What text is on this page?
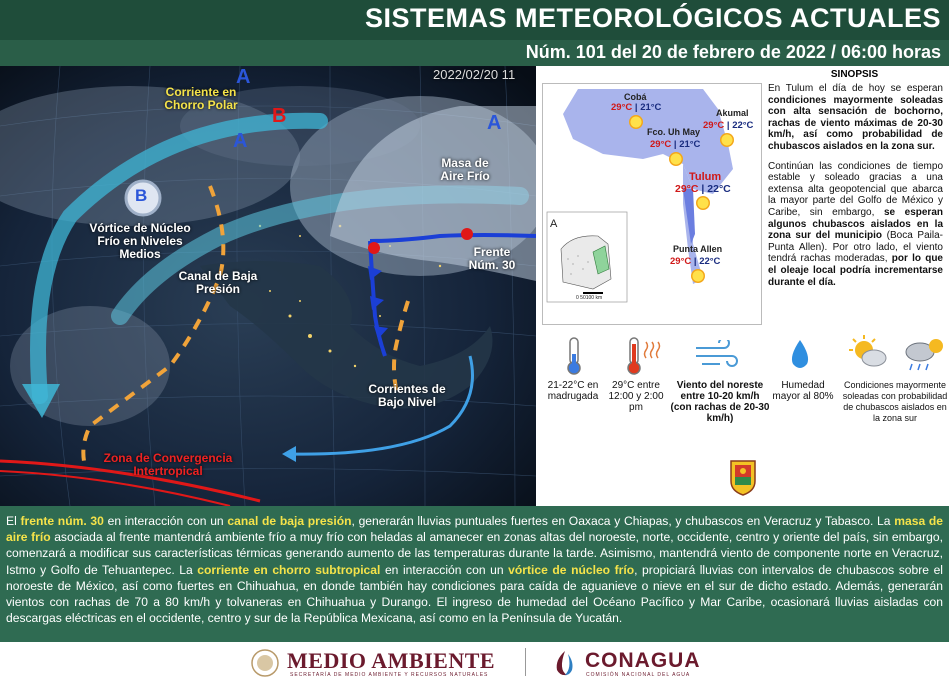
SISTEMAS METEOROLÓGICOS ACTUALES
Núm. 101 del 20 de febrero de 2022 / 06:00 horas
2022/02/20 11
A
A
A
B
B
Corriente en Chorro Polar
Vórtice de Núcleo Frío en Niveles Medios
Canal de Baja Presión
Masa de Aire Frío
Frente Núm. 30
Corrientes de Bajo Nivel
Zona de Convergencia Intertropical
A
0 50100 km
Cobá
29°C | 21°C	Akumal
29°C | 22°C
Fco. Uh May
29°C | 21°C
Tulum
29°C | 22°C
Punta Allen
29°C | 22°C
SINOPSIS

En Tulum el día de hoy se esperan condiciones mayormente soleadas con alta sensación de bochorno, rachas de viento máximas de 20-30 km/h, así como probabilidad de chubascos aislados en la zona sur.

Continúan las condiciones de tiempo estable y soleado gracias a una extensa alta geopotencial que abarca la mayor parte del Golfo de México y Caribe, sin embargo, se esperan algunos chubascos aislados en la zona sur del municipio (Boca Paila-Punta Allen). Por otro lado, el viento tendrá rachas moderadas, por lo que el oleaje local podría incrementarse durante el día.

21-22°C en madrugada
29°C entre 12:00 y 2:00 pm
Viento del noreste entre 10-20 km/h (con rachas de 20-30 km/h)
Humedad mayor al 80%
Condiciones mayormente soleadas con probabilidad de chubascos aislados en la zona sur
El frente núm. 30 en interacción con un canal de baja presión, generarán lluvias puntuales fuertes en Oaxaca y Chiapas, y chubascos en Veracruz y Tabasco. La masa de aire frío asociada al frente mantendrá ambiente frío a muy frío con heladas al amanecer en zonas altas del noroeste, norte, occidente, centro y oriente del país, sin embargo, comenzará a modificar sus características térmicas generando aumento de las temperaturas durante la tarde. Asimismo, mantendrá viento de componente norte en Veracruz, Istmo y Golfo de Tehuantepec. La corriente en chorro subtropical en interacción con un vórtice de núcleo frío, propiciará lluvias con intervalos de chubascos sobre el noroeste de México, así como fuertes en Chihuahua, en donde también hay condiciones para caída de aguanieve o nieve en el sur de dicho estado. Además, generarán vientos con rachas de 70 a 80 km/h y tolvaneras en Chihuahua y Durango. El ingreso de humedad del Océano Pacífico y Mar Caribe, ocasionará lluvias aisladas con descargas eléctricas en el occidente, centro y sur de la República Mexicana, así como en la Península de Yucatán.
MEDIO AMBIENTE
SECRETARÍA DE MEDIO AMBIENTE Y RECURSOS NATURALES
CONAGUA
COMISIÓN NACIONAL DEL AGUA
